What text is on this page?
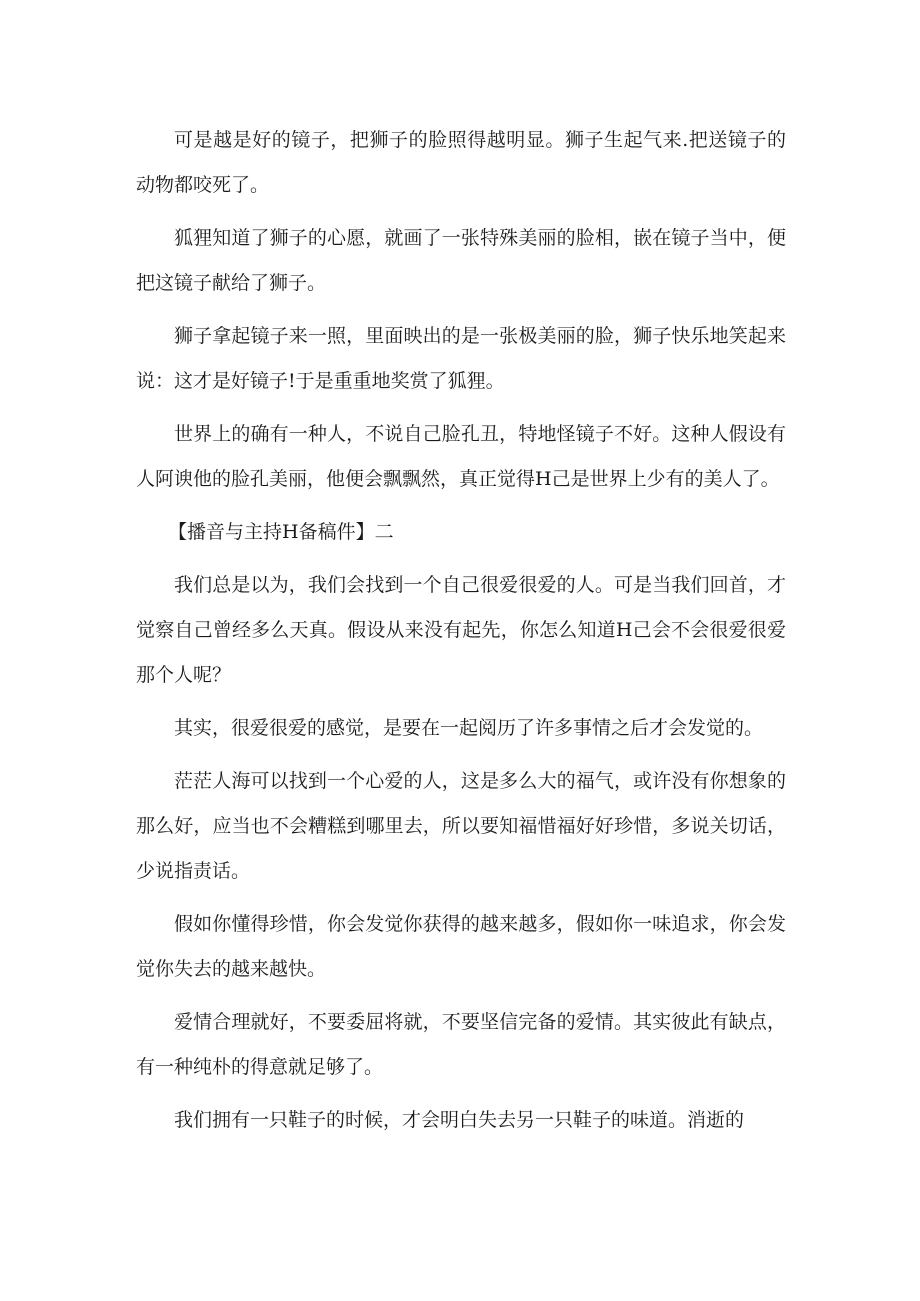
可是越是好的镜子，把狮子的脸照得越明显。狮子生起气来.把送镜子的动物都咬死了。

狐狸知道了狮子的心愿，就画了一张特殊美丽的脸相，嵌在镜子当中，便把这镜子献给了狮子。

狮子拿起镜子来一照，里面映出的是一张极美丽的脸，狮子快乐地笑起来说：这才是好镜子!于是重重地奖赏了狐狸。

世界上的确有一种人，不说自己脸孔丑，特地怪镜子不好。这种人假设有人阿谀他的脸孔美丽，他便会飘飘然，真正觉得H己是世界上少有的美人了。

【播音与主持H备稿件】二

我们总是以为，我们会找到一个自己很爱很爱的人。可是当我们回首，才觉察自己曾经多么天真。假设从来没有起先，你怎么知道H己会不会很爱很爱那个人呢？

其实，很爱很爱的感觉，是要在一起阅历了许多事情之后才会发觉的。

茫茫人海可以找到一个心爱的人，这是多么大的福气，或许没有你想象的那么好，应当也不会糟糕到哪里去，所以要知福惜福好好珍惜，多说关切话，少说指责话。

假如你懂得珍惜，你会发觉你获得的越来越多，假如你一味追求，你会发觉你失去的越来越快。

爱情合理就好，不要委屈将就，不要坚信完备的爱情。其实彼此有缺点，有一种纯朴的得意就足够了。

我们拥有一只鞋子的时候，才会明白失去另一只鞋子的味道。消逝的
